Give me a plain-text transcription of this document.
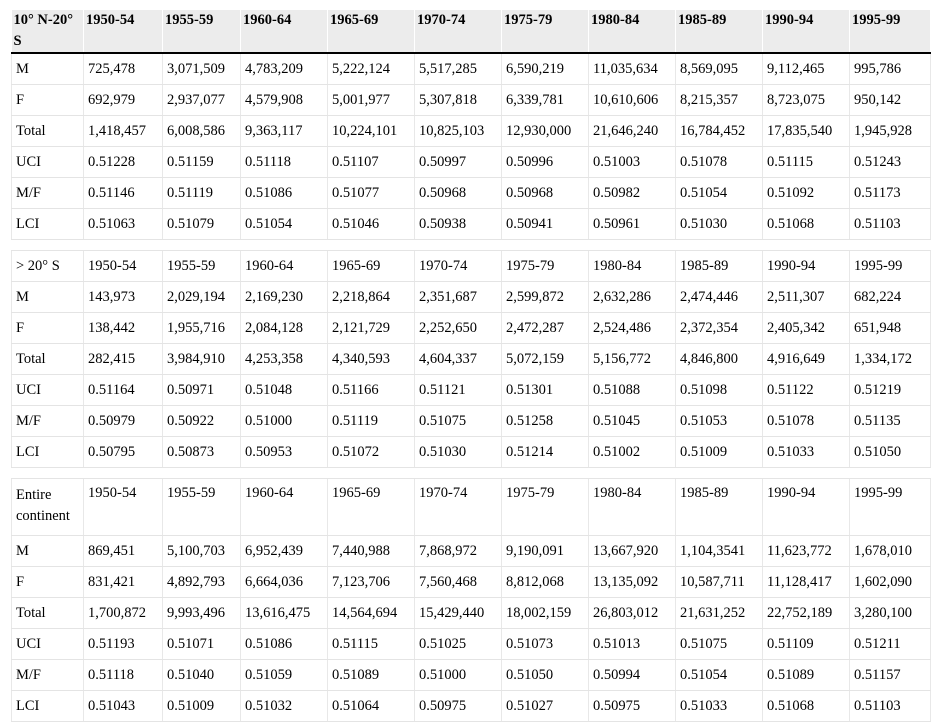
10° N-20° S	1950-54	1955-59	1960-64	1965-69	1970-74	1975-79	1980-84	1985-89	1990-94	1995-99
M	725,478	3,071,509	4,783,209	5,222,124	5,517,285	6,590,219	11,035,634	8,569,095	9,112,465	995,786
F	692,979	2,937,077	4,579,908	5,001,977	5,307,818	6,339,781	10,610,606	8,215,357	8,723,075	950,142
Total	1,418,457	6,008,586	9,363,117	10,224,101	10,825,103	12,930,000	21,646,240	16,784,452	17,835,540	1,945,928
UCI	0.51228	0.51159	0.51118	0.51107	0.50997	0.50996	0.51003	0.51078	0.51115	0.51243
M/F	0.51146	0.51119	0.51086	0.51077	0.50968	0.50968	0.50982	0.51054	0.51092	0.51173
LCI	0.51063	0.51079	0.51054	0.51046	0.50938	0.50941	0.50961	0.51030	0.51068	0.51103

> 20° S	1950-54	1955-59	1960-64	1965-69	1970-74	1975-79	1980-84	1985-89	1990-94	1995-99
M	143,973	2,029,194	2,169,230	2,218,864	2,351,687	2,599,872	2,632,286	2,474,446	2,511,307	682,224
F	138,442	1,955,716	2,084,128	2,121,729	2,252,650	2,472,287	2,524,486	2,372,354	2,405,342	651,948
Total	282,415	3,984,910	4,253,358	4,340,593	4,604,337	5,072,159	5,156,772	4,846,800	4,916,649	1,334,172
UCI	0.51164	0.50971	0.51048	0.51166	0.51121	0.51301	0.51088	0.51098	0.51122	0.51219
M/F	0.50979	0.50922	0.51000	0.51119	0.51075	0.51258	0.51045	0.51053	0.51078	0.51135
LCI	0.50795	0.50873	0.50953	0.51072	0.51030	0.51214	0.51002	0.51009	0.51033	0.51050

Entire continent	1950-54	1955-59	1960-64	1965-69	1970-74	1975-79	1980-84	1985-89	1990-94	1995-99
M	869,451	5,100,703	6,952,439	7,440,988	7,868,972	9,190,091	13,667,920	1,104,3541	11,623,772	1,678,010
F	831,421	4,892,793	6,664,036	7,123,706	7,560,468	8,812,068	13,135,092	10,587,711	11,128,417	1,602,090
Total	1,700,872	9,993,496	13,616,475	14,564,694	15,429,440	18,002,159	26,803,012	21,631,252	22,752,189	3,280,100
UCI	0.51193	0.51071	0.51086	0.51115	0.51025	0.51073	0.51013	0.51075	0.51109	0.51211
M/F	0.51118	0.51040	0.51059	0.51089	0.51000	0.51050	0.50994	0.51054	0.51089	0.51157
LCI	0.51043	0.51009	0.51032	0.51064	0.50975	0.51027	0.50975	0.51033	0.51068	0.51103
